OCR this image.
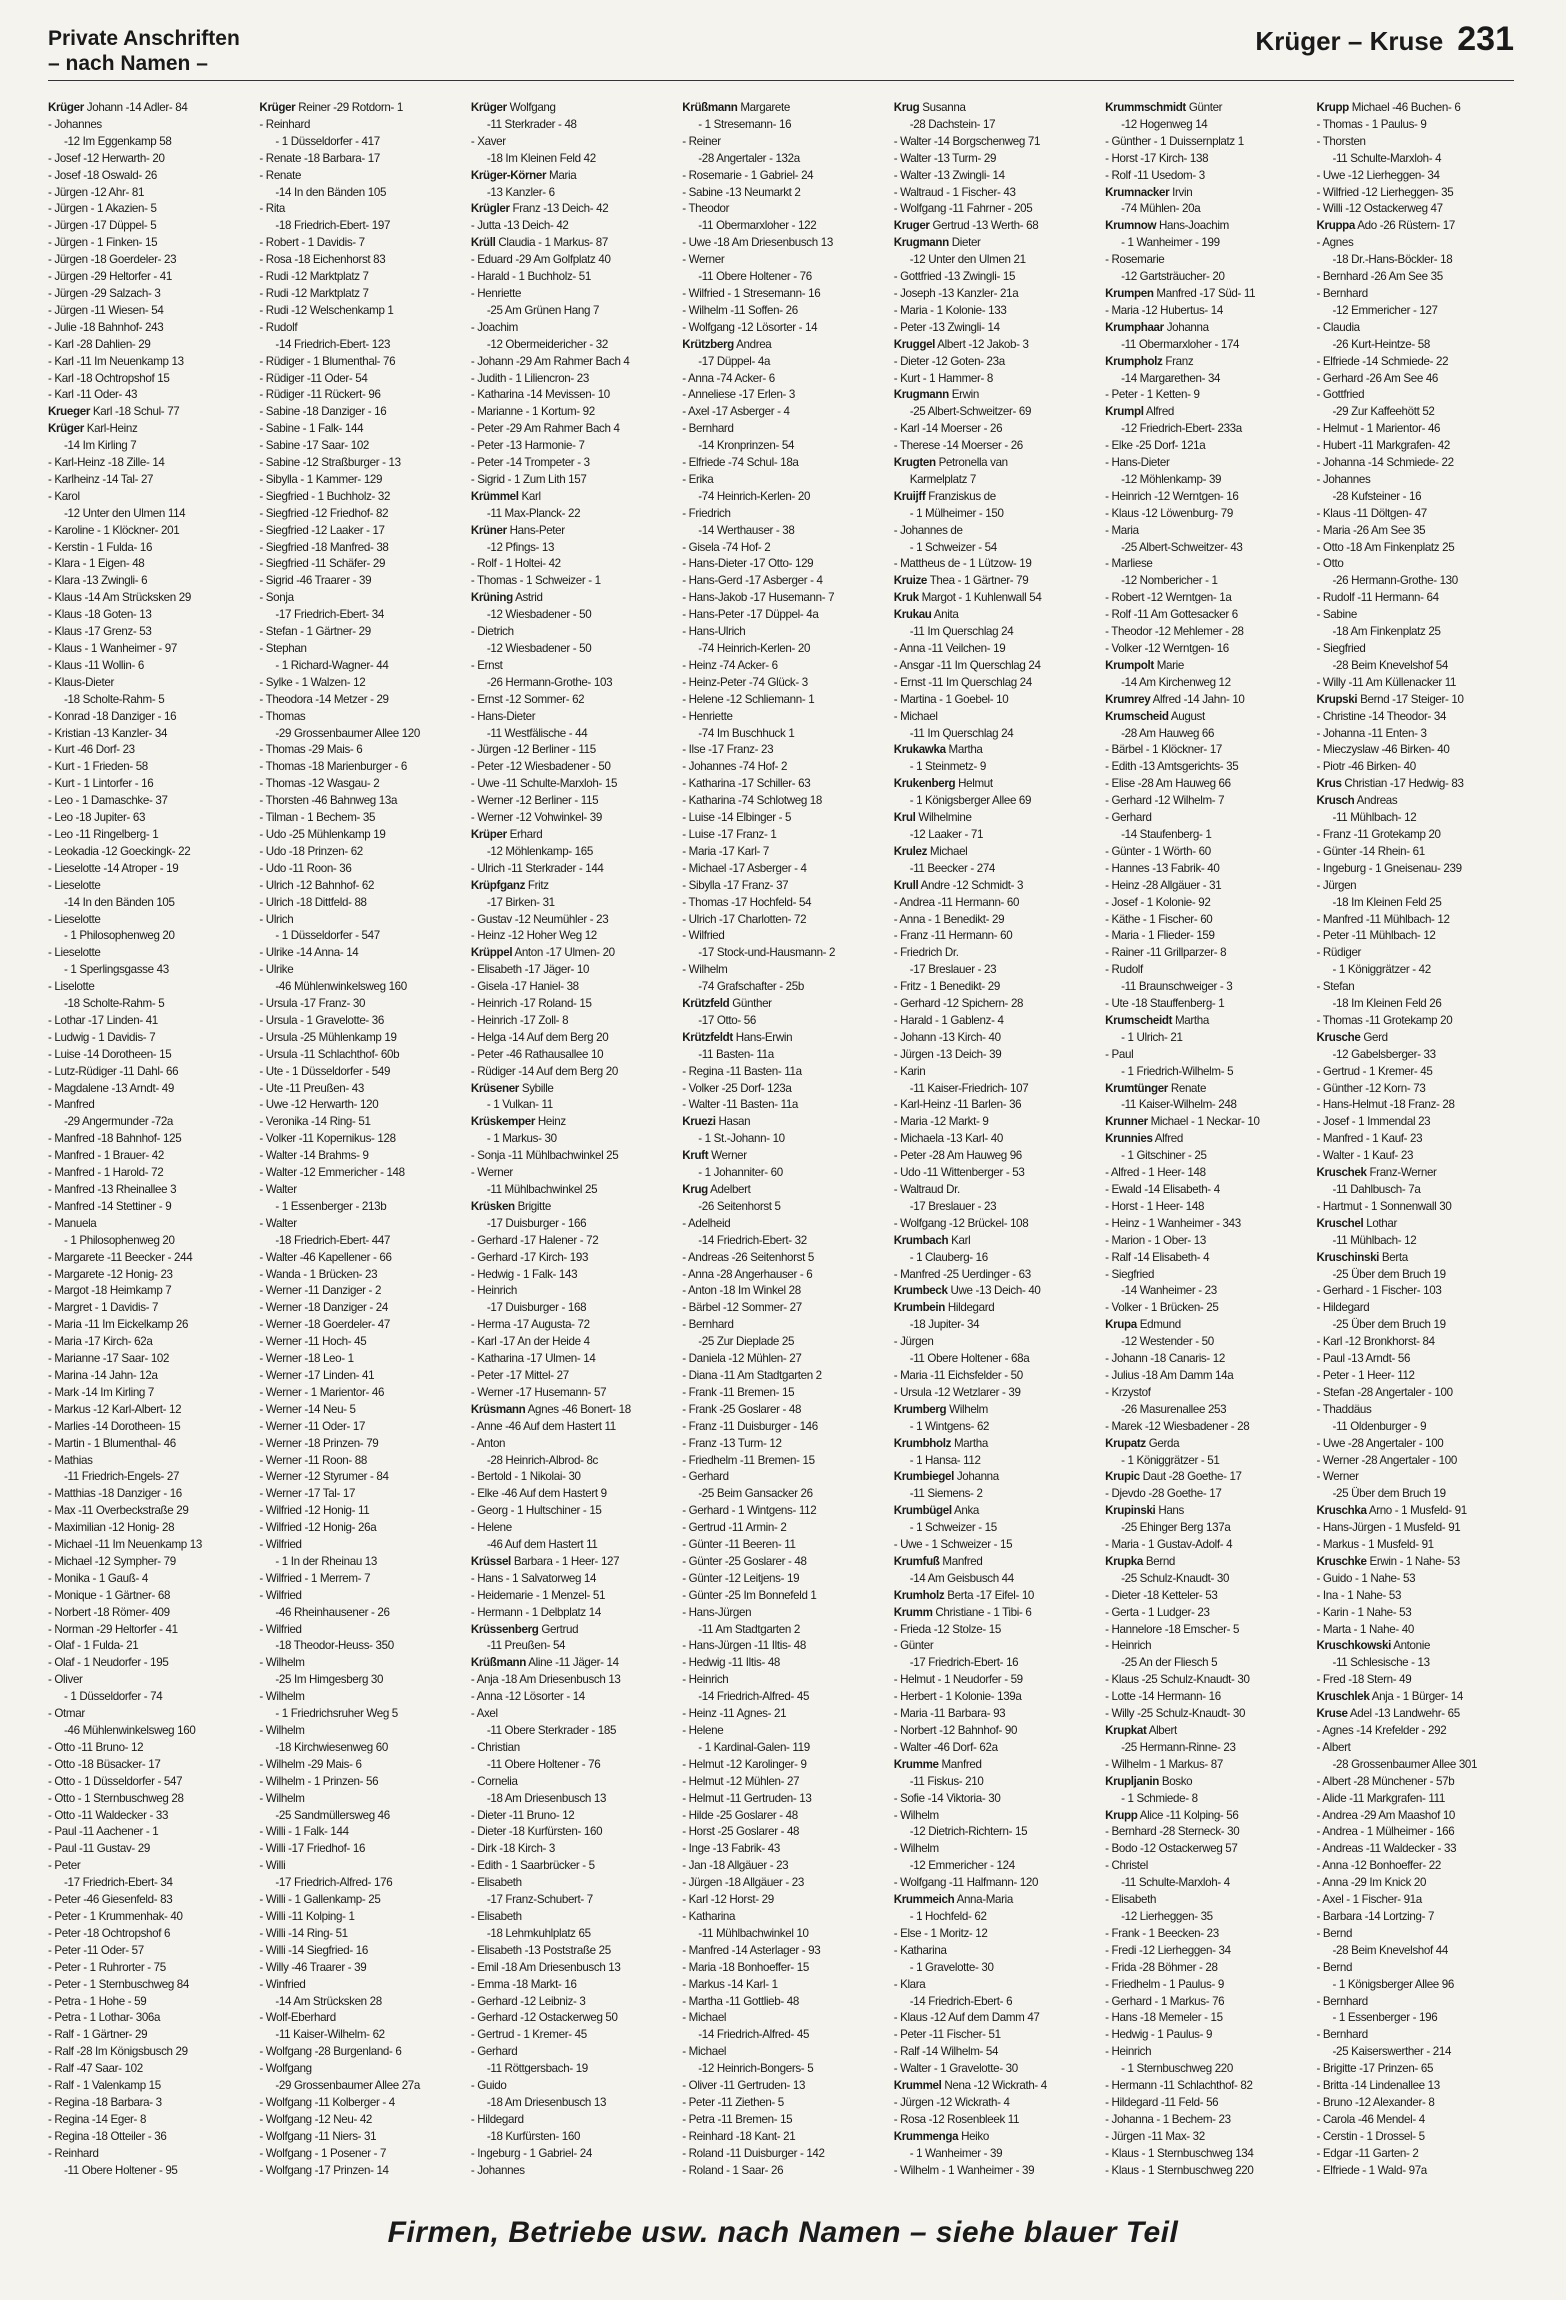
Private Anschriften
– nach Namen –
Krüger – Kruse 231
Krüger Johann -14 Adler- 84
- Johannes
-12 Im Eggenkamp 58
- Josef -12 Herwarth- 20
- Josef -18 Oswald- 26
- Jürgen -12 Ahr- 81
- Jürgen - 1 Akazien- 5
- Jürgen -17 Düppel- 5
- Jürgen - 1 Finken- 15
- Jürgen -18 Goerdeler- 23
- Jürgen -29 Heltorfer - 41
- Jürgen -29 Salzach- 3
- Jürgen -11 Wiesen- 54
- Julie -18 Bahnhof- 243
- Karl -28 Dahlien- 29
- Karl -11 Im Neuenkamp 13
- Karl -18 Ochtropshof 15
- Karl -11 Oder- 43
Krueger Karl -18 Schul- 77
Krüger Karl-Heinz
-14 Im Kirling 7
- Karl-Heinz -18 Zille- 14
- Karlheinz -14 Tal- 27
- Karol
-12 Unter den Ulmen 114
- Karoline - 1 Klöckner- 201
- Kerstin - 1 Fulda- 16
- Klara - 1 Eigen- 48
- Klara -13 Zwingli- 6
- Klaus -14 Am Strücksken 29
- Klaus -18 Goten- 13
- Klaus -17 Grenz- 53
- Klaus - 1 Wanheimer - 97
- Klaus -11 Wollin- 6
- Klaus-Dieter
-18 Scholte-Rahm- 5
- Konrad -18 Danziger - 16
- Kristian -13 Kanzler- 34
- Kurt -46 Dorf- 23
- Kurt - 1 Frieden- 58
- Kurt - 1 Lintorfer - 16
- Leo - 1 Damaschke- 37
- Leo -18 Jupiter- 63
- Leo -11 Ringelberg- 1
- Leokadia -12 Goeckingk- 22
- Lieselotte -14 Atroper - 19
- Lieselotte
-14 In den Bänden 105
- Lieselotte
- 1 Philosophenweg 20
- Lieselotte
- 1 Sperlingsgasse 43
- Liselotte
-18 Scholte-Rahm- 5
- Lothar -17 Linden- 41
- Ludwig - 1 Davidis- 7
- Luise -14 Dorotheen- 15
- Lutz-Rüdiger -11 Dahl- 66
- Magdalene -13 Arndt- 49
- Manfred
-29 Angermunder -72a
- Manfred -18 Bahnhof- 125
- Manfred - 1 Brauer- 42
- Manfred - 1 Harold- 72
- Manfred -13 Rheinallee 3
- Manfred -14 Stettiner - 9
- Manuela
- 1 Philosophenweg 20
- Margarete -11 Beecker - 244
- Margarete -12 Honig- 23
- Margot -18 Heimkamp 7
- Margret - 1 Davidis- 7
- Maria -11 Im Eickelkamp 26
- Maria -17 Kirch- 62a
- Marianne -17 Saar- 102
- Marina -14 Jahn- 12a
- Mark -14 Im Kirling 7
- Markus -12 Karl-Albert- 12
- Marlies -14 Dorotheen- 15
- Martin - 1 Blumenthal- 46
- Mathias
-11 Friedrich-Engels- 27
- Matthias -18 Danziger - 16
- Max -11 Overbeckstraße 29
- Maximilian -12 Honig- 28
- Michael -11 Im Neuenkamp 13
- Michael -12 Sympher- 79
- Monika - 1 Gauß- 4
- Monique - 1 Gärtner- 68
- Norbert -18 Römer- 409
- Norman -29 Heltorfer - 41
- Olaf - 1 Fulda- 21
- Olaf - 1 Neudorfer - 195
- Oliver
- 1 Düsseldorfer - 74
- Otmar
-46 Mühlenwinkelsweg 160
- Otto -11 Bruno- 12
- Otto -18 Büsacker- 17
- Otto - 1 Düsseldorfer - 547
- Otto - 1 Sternbuschweg 28
- Otto -11 Waldecker - 33
- Paul -11 Aachener - 1
- Paul -11 Gustav- 29
- Peter
-17 Friedrich-Ebert- 34
- Peter -46 Giesenfeld- 83
- Peter - 1 Krummenhak- 40
- Peter -18 Ochtropshof 6
- Peter -11 Oder- 57
- Peter - 1 Ruhrorter - 75
- Peter - 1 Sternbuschweg 84
- Petra - 1 Hohe - 59
- Petra - 1 Lothar- 306a
- Ralf - 1 Gärtner- 29
- Ralf -28 Im Königsbusch 29
- Ralf -47 Saar- 102
- Ralf - 1 Valenkamp 15
- Regina -18 Barbara- 3
- Regina -14 Eger- 8
- Regina -18 Otteiler - 36
- Reinhard
-11 Obere Holtener - 95
Krüger Reiner -29 Rotdorn- 1
- Reinhard
- 1 Düsseldorfer - 417
- Renate -18 Barbara- 17
- Renate
-14 In den Bänden 105
- Rita
-18 Friedrich-Ebert- 197
- Robert - 1 Davidis- 7
- Rosa -18 Eichenhorst 83
- Rudi -12 Marktplatz 7
- Rudi -12 Marktplatz 7
- Rudi -12 Welschenkamp 1
- Rudolf
-14 Friedrich-Ebert- 123
- Rüdiger - 1 Blumenthal- 76
- Rüdiger -11 Oder- 54
- Rüdiger -11 Rückert- 96
- Sabine -18 Danziger - 16
- Sabine - 1 Falk- 144
- Sabine -17 Saar- 102
- Sabine -12 Straßburger - 13
- Sibylla - 1 Kammer- 129
- Siegfried - 1 Buchholz- 32
- Siegfried -12 Friedhof- 82
- Siegfried -12 Laaker - 17
- Siegfried -18 Manfred- 38
- Siegfried -11 Schäfer- 29
- Sigrid -46 Traarer - 39
- Sonja
-17 Friedrich-Ebert- 34
- Stefan - 1 Gärtner- 29
- Stephan
- 1 Richard-Wagner- 44
- Sylke - 1 Walzen- 12
- Theodora -14 Metzer - 29
- Thomas
-29 Grossenbaumer Allee 120
- Thomas -29 Mais- 6
- Thomas -18 Marienburger - 6
- Thomas -12 Wasgau- 2
- Thorsten -46 Bahnweg 13a
- Tilman - 1 Bechem- 35
- Udo -25 Mühlenkamp 19
- Udo -18 Prinzen- 62
- Udo -11 Roon- 36
- Ulrich -12 Bahnhof- 62
- Ulrich -18 Dittfeld- 88
- Ulrich
- 1 Düsseldorfer - 547
- Ulrike -14 Anna- 14
- Ulrike
-46 Mühlenwinkelsweg 160
- Ursula -17 Franz- 30
- Ursula - 1 Gravelotte- 36
- Ursula -25 Mühlenkamp 19
- Ursula -11 Schlachthof- 60b
- Ute - 1 Düsseldorfer - 549
- Ute -11 Preußen- 43
- Uwe -12 Herwarth- 120
- Veronika -14 Ring- 51
- Volker -11 Kopernikus- 128
- Walter -14 Brahms- 9
- Walter -12 Emmericher - 148
- Walter
- 1 Essenberger - 213b
- Walter
-18 Friedrich-Ebert- 447
- Walter -46 Kapellener - 66
- Wanda - 1 Brücken- 23
- Werner -11 Danziger - 2
- Werner -18 Danziger - 24
- Werner -18 Goerdeler- 47
- Werner -11 Hoch- 45
- Werner -18 Leo- 1
- Werner -17 Linden- 41
- Werner - 1 Marientor- 46
- Werner -14 Neu- 5
- Werner -11 Oder- 17
- Werner -18 Prinzen- 79
- Werner -11 Roon- 88
- Werner -12 Styrumer - 84
- Werner -17 Tal- 17
- Wilfried -12 Honig- 11
- Wilfried -12 Honig- 26a
- Wilfried
- 1 In der Rheinau 13
- Wilfried - 1 Merrem- 7
- Wilfried
-46 Rheinhausener - 26
- Wilfried
-18 Theodor-Heuss- 350
- Wilhelm
-25 Im Himgesberg 30
- Wilhelm
- 1 Friedrichsruher Weg 5
- Wilhelm
-18 Kirchwiesenweg 60
- Wilhelm -29 Mais- 6
- Wilhelm - 1 Prinzen- 56
- Wilhelm
-25 Sandmüllersweg 46
- Willi - 1 Falk- 144
- Willi -17 Friedhof- 16
- Willi
-17 Friedrich-Alfred- 176
- Willi - 1 Gallenkamp- 25
- Willi -11 Kolping- 1
- Willi -14 Ring- 51
- Willi -14 Siegfried- 16
- Willy -46 Traarer - 39
- Winfried
-14 Am Strücksken 28
- Wolf-Eberhard
-11 Kaiser-Wilhelm- 62
- Wolfgang -28 Burgenland- 6
- Wolfgang
-29 Grossenbaumer Allee 27a
- Wolfgang -11 Kolberger - 4
- Wolfgang -12 Neu- 42
- Wolfgang -11 Niers- 31
- Wolfgang - 1 Posener - 7
- Wolfgang -17 Prinzen- 14
Krüger Wolfgang
-11 Sterkrader - 48
- Xaver
-18 Im Kleinen Feld 42
Krüger-Körner Maria
-13 Kanzler- 6
Krügler Franz -13 Deich- 42
- Jutta -13 Deich- 42
Krüll Claudia - 1 Markus- 87
- Eduard -29 Am Golfplatz 40
- Harald - 1 Buchholz- 51
- Henriette
-25 Am Grünen Hang 7
- Joachim
-12 Obermeidericher - 32
- Johann -29 Am Rahmer Bach 4
- Judith - 1 Liliencron- 23
- Katharina -14 Mevissen- 10
- Marianne - 1 Kortum- 92
- Peter -29 Am Rahmer Bach 4
- Peter -13 Harmonie- 7
- Peter -14 Trompeter - 3
- Sigrid - 1 Zum Lith 157
Krümmel Karl
-11 Max-Planck- 22
Krüner Hans-Peter
-12 Pfings- 13
- Rolf - 1 Holtei- 42
- Thomas - 1 Schweizer - 1
Krüning Astrid
-12 Wiesbadener - 50
- Dietrich
-12 Wiesbadener - 50
- Ernst
-26 Hermann-Grothe- 103
- Ernst -12 Sommer- 62
- Hans-Dieter
-11 Westfälische - 44
- Jürgen -12 Berliner - 115
- Peter -12 Wiesbadener - 50
- Uwe -11 Schulte-Marxloh- 15
- Werner -12 Berliner - 115
- Werner -12 Vohwinkel- 39
Krüper Erhard
-12 Möhlenkamp- 165
- Ulrich -11 Sterkrader - 144
Krüpfganz Fritz
-17 Birken- 31
- Gustav -12 Neumühler - 23
- Heinz -12 Hoher Weg 12
Krüppel Anton -17 Ulmen- 20
- Elisabeth -17 Jäger- 10
- Gisela -17 Haniel- 38
- Heinrich -17 Roland- 15
- Heinrich -17 Zoll- 8
- Helga -14 Auf dem Berg 20
- Peter -46 Rathausallee 10
- Rüdiger -14 Auf dem Berg 20
Krüsener Sybille
- 1 Vulkan- 11
Krüskemper Heinz
- 1 Markus- 30
- Sonja -11 Mühlbachwinkel 25
- Werner
-11 Mühlbachwinkel 25
Krüsken Brigitte
-17 Duisburger - 166
- Gerhard -17 Halener - 72
- Gerhard -17 Kirch- 193
- Hedwig - 1 Falk- 143
- Heinrich
-17 Duisburger - 168
- Herma -17 Augusta- 72
- Karl -17 An der Heide 4
- Katharina -17 Ulmen- 14
- Peter -17 Mittel- 27
- Werner -17 Husemann- 57
Krüsmann Agnes -46 Bonert- 18
- Anne -46 Auf dem Hastert 11
- Anton
-28 Heinrich-Albrod- 8c
- Bertold - 1 Nikolai- 30
- Elke -46 Auf dem Hastert 9
- Georg - 1 Hultschiner - 15
- Helene
-46 Auf dem Hastert 11
Krüssel Barbara - 1 Heer- 127
- Hans - 1 Salvatorweg 14
- Heidemarie - 1 Menzel- 51
- Hermann - 1 Delbplatz 14
Krüssenberg Gertrud
-11 Preußen- 54
Krüßmann Aline -11 Jäger- 14
- Anja -18 Am Driesenbusch 13
- Anna -12 Lösorter - 14
- Axel
-11 Obere Sterkrader - 185
- Christian
-11 Obere Holtener - 76
- Cornelia
-18 Am Driesenbusch 13
- Dieter -11 Bruno- 12
- Dieter -18 Kurfürsten- 160
- Dirk -18 Kirch- 3
- Edith - 1 Saarbrücker - 5
- Elisabeth
-17 Franz-Schubert- 7
- Elisabeth
-18 Lehmkuhlplatz 65
- Elisabeth -13 Poststraße 25
- Emil -18 Am Driesenbusch 13
- Emma -18 Markt- 16
- Gerhard -12 Leibniz- 3
- Gerhard -12 Ostackerweg 50
- Gertrud - 1 Kremer- 45
- Gerhard
-11 Röttgersbach- 19
- Guido
-18 Am Driesenbusch 13
- Hildegard
-18 Kurfürsten- 160
- Ingeburg - 1 Gabriel- 24
- Johannes
Krüßmann Margarete
- 1 Stresemann- 16
- Reiner
-28 Angertaler - 132a
- Rosemarie - 1 Gabriel- 24
- Sabine -13 Neumarkt 2
- Theodor
-11 Obermarxloher - 122
- Uwe -18 Am Driesenbusch 13
- Werner
-11 Obere Holtener - 76
- Wilfried - 1 Stresemann- 16
- Wilhelm -11 Soffen- 26
- Wolfgang -12 Lösorter - 14
Krützberg Andrea
-17 Düppel- 4a
- Anna -74 Acker- 6
- Anneliese -17 Erlen- 3
- Axel -17 Asberger - 4
- Bernhard
-14 Kronprinzen- 54
- Elfriede -74 Schul- 18a
- Erika
-74 Heinrich-Kerlen- 20
- Friedrich
-14 Werthauser - 38
- Gisela -74 Hof- 2
- Hans-Dieter -17 Otto- 129
- Hans-Gerd -17 Asberger - 4
- Hans-Jakob -17 Husemann- 7
- Hans-Peter -17 Düppel- 4a
- Hans-Ulrich
-74 Heinrich-Kerlen- 20
- Heinz -74 Acker- 6
- Heinz-Peter -74 Glück- 3
- Helene -12 Schliemann- 1
- Henriette
-74 Im Buschhuck 1
- Ilse -17 Franz- 23
- Johannes -74 Hof- 2
- Katharina -17 Schiller- 63
- Katharina -74 Schlotweg 18
- Luise -14 Elbinger - 5
- Luise -17 Franz- 1
- Maria -17 Karl- 7
- Michael -17 Asberger - 4
- Sibylla -17 Franz- 37
- Thomas -17 Hochfeld- 54
- Ulrich -17 Charlotten- 72
- Wilfried
-17 Stock-und-Hausmann- 2
- Wilhelm
-74 Grafschafter - 25b
Krützfeld Günther
-17 Otto- 56
Krützfeldt Hans-Erwin
-11 Basten- 11a
- Regina -11 Basten- 11a
- Volker -25 Dorf- 123a
- Walter -11 Basten- 11a
Kruezi Hasan
- 1 St.-Johann- 10
Kruft Werner
- 1 Johanniter- 60
Krug Adelbert
-26 Seitenhorst 5
- Adelheid
-14 Friedrich-Ebert- 32
- Andreas -26 Seitenhorst 5
- Anna -28 Angerhauser - 6
- Anton -18 Im Winkel 28
- Bärbel -12 Sommer- 27
- Bernhard
-25 Zur Dieplade 25
- Daniela -12 Mühlen- 27
- Diana -11 Am Stadtgarten 2
- Frank -11 Bremen- 15
- Frank -25 Goslarer - 48
- Franz -11 Duisburger - 146
- Franz -13 Turm- 12
- Friedhelm -11 Bremen- 15
- Gerhard
-25 Beim Gansacker 26
- Gerhard - 1 Wintgens- 112
- Gertrud -11 Armin- 2
- Günter -11 Beeren- 11
- Günter -25 Goslarer - 48
- Günter -12 Leitjens- 19
- Günter -25 Im Bonnefeld 1
- Hans-Jürgen
-11 Am Stadtgarten 2
- Hans-Jürgen -11 Iltis- 48
- Hedwig -11 Iltis- 48
- Heinrich
-14 Friedrich-Alfred- 45
- Heinz -11 Agnes- 21
- Helene
- 1 Kardinal-Galen- 119
- Helmut -12 Karolinger- 9
- Helmut -12 Mühlen- 27
- Helmut -11 Gertruden- 13
- Hilde -25 Goslarer - 48
- Horst -25 Goslarer - 48
- Inge -13 Fabrik- 43
- Jan -18 Allgäuer - 23
- Jürgen -18 Allgäuer - 23
- Karl -12 Horst- 29
- Katharina
-11 Mühlbachwinkel 10
- Manfred -14 Asterlager - 93
- Maria -18 Bonhoeffer- 15
- Markus -14 Karl- 1
- Martha -11 Gottlieb- 48
- Michael
-14 Friedrich-Alfred- 45
- Michael
-12 Heinrich-Bongers- 5
- Oliver -11 Gertruden- 13
- Peter -11 Ziethen- 5
- Petra -11 Bremen- 15
- Reinhard -18 Kant- 21
- Roland -11 Duisburger - 142
- Roland - 1 Saar- 26
Krug Susanna
-28 Dachstein- 17
- Walter -14 Borgschenweg 71
- Walter -13 Turm- 29
- Walter -13 Zwingli- 14
- Waltraud - 1 Fischer- 43
- Wolfgang -11 Fahrner - 205
Kruger Gertrud -13 Werth- 68
Krugmann Dieter
-12 Unter den Ulmen 21
- Gottfried -13 Zwingli- 15
- Joseph -13 Kanzler- 21a
- Maria - 1 Kolonie- 133
- Peter -13 Zwingli- 14
Kruggel Albert -12 Jakob- 3
- Dieter -12 Goten- 23a
- Kurt - 1 Hammer- 8
Krugmann Erwin
-25 Albert-Schweitzer- 69
- Karl -14 Moerser - 26
- Therese -14 Moerser - 26
Krugten Petronella van
Karmelplatz 7
Kruijff Franziskus de
- 1 Mülheimer - 150
- Johannes de
- 1 Schweizer - 54
- Mattheus de - 1 Lützow- 19
Kruize Thea - 1 Gärtner- 79
Kruk Margot - 1 Kuhlenwall 54
Krukau Anita
-11 Im Querschlag 24
- Anna -11 Veilchen- 19
- Ansgar -11 Im Querschlag 24
- Ernst -11 Im Querschlag 24
- Martina - 1 Goebel- 10
- Michael
-11 Im Querschlag 24
Krukawka Martha
- 1 Steinmetz- 9
Krukenberg Helmut
- 1 Königsberger Allee 69
Krul Wilhelmine
-12 Laaker - 71
Krulez Michael
-11 Beecker - 274
Krull Andre -12 Schmidt- 3
- Andrea -11 Hermann- 60
- Anna - 1 Benedikt- 29
- Franz -11 Hermann- 60
- Friedrich Dr.
-17 Breslauer - 23
- Fritz - 1 Benedikt- 29
- Gerhard -12 Spichern- 28
- Harald - 1 Gablenz- 4
- Johann -13 Kirch- 40
- Jürgen -13 Deich- 39
- Karin
-11 Kaiser-Friedrich- 107
- Karl-Heinz -11 Barlen- 36
- Maria -12 Markt- 9
- Michaela -13 Karl- 40
- Peter -28 Am Hauweg 96
- Udo -11 Wittenberger - 53
- Waltraud Dr.
-17 Breslauer - 23
- Wolfgang -12 Brückel- 108
Krumbach Karl
- 1 Clauberg- 16
- Manfred -25 Uerdinger - 63
Krumbeck Uwe -13 Deich- 40
Krumbein Hildegard
-18 Jupiter- 34
- Jürgen
-11 Obere Holtener - 68a
- Maria -11 Eichsfelder - 50
- Ursula -12 Wetzlarer - 39
Krumberg Wilhelm
- 1 Wintgens- 62
Krumbholz Martha
- 1 Hansa- 112
Krumbiegel Johanna
-11 Siemens- 2
Krumbügel Anka
- 1 Schweizer - 15
- Uwe - 1 Schweizer - 15
Krumfuß Manfred
-14 Am Geisbusch 44
Krumholz Berta -17 Eifel- 10
Krumm Christiane - 1 Tibi- 6
- Frieda -12 Stolze- 15
- Günter
-17 Friedrich-Ebert- 16
- Helmut - 1 Neudorfer - 59
- Herbert - 1 Kolonie- 139a
- Maria -11 Barbara- 93
- Norbert -12 Bahnhof- 90
- Walter -46 Dorf- 62a
Krumme Manfred
-11 Fiskus- 210
- Sofie -14 Viktoria- 30
- Wilhelm
-12 Dietrich-Richtern- 15
- Wilhelm
-12 Emmericher - 124
- Wolfgang -11 Halfmann- 120
Krummeich Anna-Maria
- 1 Hochfeld- 62
- Else - 1 Moritz- 12
- Katharina
- 1 Gravelotte- 30
- Klara
-14 Friedrich-Ebert- 6
- Klaus -12 Auf dem Damm 47
- Peter -11 Fischer- 51
- Ralf -14 Wilhelm- 54
- Walter - 1 Gravelotte- 30
Krummel Nena -12 Wickrath- 4
- Jürgen -12 Wickrath- 4
- Rosa -12 Rosenbleek 11
Krummenga Heiko
- 1 Wanheimer - 39
- Wilhelm - 1 Wanheimer - 39
Krummschmidt Günter
-12 Hogenweg 14
- Günther - 1 Duissernplatz 1
- Horst -17 Kirch- 138
- Rolf -11 Usedom- 3
Krumnacker Irvin
-74 Mühlen- 20a
Krumnow Hans-Joachim
- 1 Wanheimer - 199
- Rosemarie
-12 Gartsträucher- 20
Krumpen Manfred -17 Süd- 11
- Maria -12 Hubertus- 14
Krumphaar Johanna
-11 Obermarxloher - 174
Krumpholz Franz
-14 Margarethen- 34
- Peter - 1 Ketten- 9
Krumpl Alfred
-12 Friedrich-Ebert- 233a
- Elke -25 Dorf- 121a
- Hans-Dieter
-12 Möhlenkamp- 39
- Heinrich -12 Werntgen- 16
- Klaus -12 Löwenburg- 79
- Maria
-25 Albert-Schweitzer- 43
- Marliese
-12 Nombericher - 1
- Robert -12 Werntgen- 1a
- Rolf -11 Am Gottesacker 6
- Theodor -12 Mehlemer - 28
- Volker -12 Werntgen- 16
Krumpolt Marie
-14 Am Kirchenweg 12
Krumrey Alfred -14 Jahn- 10
Krumscheid August
-28 Am Hauweg 66
- Bärbel - 1 Klöckner- 17
- Edith -13 Amtsgerichts- 35
- Elise -28 Am Hauweg 66
- Gerhard -12 Wilhelm- 7
- Gerhard
-14 Staufenberg- 1
- Günter - 1 Wörth- 60
- Hannes -13 Fabrik- 40
- Heinz -28 Allgäuer - 31
- Josef - 1 Kolonie- 92
- Käthe - 1 Fischer- 60
- Maria - 1 Flieder- 159
- Rainer -11 Grillparzer- 8
- Rudolf
-11 Braunschweiger - 3
- Ute -18 Stauffenberg- 1
Krumscheidt Martha
- 1 Ulrich- 21
- Paul
- 1 Friedrich-Wilhelm- 5
Krumtünger Renate
-11 Kaiser-Wilhelm- 248
Krunner Michael - 1 Neckar- 10
Krunnies Alfred
- 1 Gitschiner - 25
- Alfred - 1 Heer- 148
- Ewald -14 Elisabeth- 4
- Horst - 1 Heer- 148
- Heinz - 1 Wanheimer - 343
- Marion - 1 Ober- 13
- Ralf -14 Elisabeth- 4
- Siegfried
-14 Wanheimer - 23
- Volker - 1 Brücken- 25
Krupa Edmund
-12 Westender - 50
- Johann -18 Canaris- 12
- Julius -18 Am Damm 14a
- Krzystof
-26 Masurenallee 253
- Marek -12 Wiesbadener - 28
Krupatz Gerda
- 1 Königgrätzer - 51
Krupic Daut -28 Goethe- 17
- Djevdo -28 Goethe- 17
Krupinski Hans
-25 Ehinger Berg 137a
- Maria - 1 Gustav-Adolf- 4
Krupka Bernd
-25 Schulz-Knaudt- 30
- Dieter -18 Ketteler- 53
- Gerta - 1 Ludger- 23
- Hannelore -18 Emscher- 5
- Heinrich
-25 An der Fliesch 5
- Klaus -25 Schulz-Knaudt- 30
- Lotte -14 Hermann- 16
- Willy -25 Schulz-Knaudt- 30
Krupkat Albert
-25 Hermann-Rinne- 23
- Wilhelm - 1 Markus- 87
Krupljanin Bosko
- 1 Schmiede- 8
Krupp Alice -11 Kolping- 56
- Bernhard -28 Sterneck- 30
- Bodo -12 Ostackerweg 57
- Christel
-11 Schulte-Marxloh- 4
- Elisabeth
-12 Lierheggen- 35
- Frank - 1 Beecken- 23
- Fredi -12 Lierheggen- 34
- Frida -28 Böhmer - 28
- Friedhelm - 1 Paulus- 9
- Gerhard - 1 Markus- 76
- Hans -18 Memeler - 15
- Hedwig - 1 Paulus- 9
- Heinrich
- 1 Sternbuschweg 220
- Hermann -11 Schlachthof- 82
- Hildegard -11 Feld- 56
- Johanna - 1 Bechem- 23
- Jürgen -11 Max- 32
- Klaus - 1 Sternbuschweg 134
- Klaus - 1 Sternbuschweg 220
Krupp Michael -46 Buchen- 6
- Thomas - 1 Paulus- 9
- Thorsten
-11 Schulte-Marxloh- 4
- Uwe -12 Lierheggen- 34
- Wilfried -12 Lierheggen- 35
- Willi -12 Ostackerweg 47
Kruppa Ado -26 Rüstern- 17
- Agnes
-18 Dr.-Hans-Böckler- 18
- Bernhard -26 Am See 35
- Bernhard
-12 Emmericher - 127
- Claudia
-26 Kurt-Heintze- 58
- Elfriede -14 Schmiede- 22
- Gerhard -26 Am See 46
- Gottfried
-29 Zur Kaffeehött 52
- Helmut - 1 Marientor- 46
- Hubert -11 Markgrafen- 42
- Johanna -14 Schmiede- 22
- Johannes
-28 Kufsteiner - 16
- Klaus -11 Döltgen- 47
- Maria -26 Am See 35
- Otto -18 Am Finkenplatz 25
- Otto
-26 Hermann-Grothe- 130
- Rudolf -11 Hermann- 64
- Sabine
-18 Am Finkenplatz 25
- Siegfried
-28 Beim Knevelshof 54
- Willy -11 Am Küllenacker 11
Krupski Bernd -17 Steiger- 10
- Christine -14 Theodor- 34
- Johanna -11 Enten- 3
- Mieczyslaw -46 Birken- 40
- Piotr -46 Birken- 40
Krus Christian -17 Hedwig- 83
Krusch Andreas
-11 Mühlbach- 12
- Franz -11 Grotekamp 20
- Günter -14 Rhein- 61
- Ingeburg - 1 Gneisenau- 239
- Jürgen
-18 Im Kleinen Feld 25
- Manfred -11 Mühlbach- 12
- Peter -11 Mühlbach- 12
- Rüdiger
- 1 Königgrätzer - 42
- Stefan
-18 Im Kleinen Feld 26
- Thomas -11 Grotekamp 20
Krusche Gerd
-12 Gabelsberger- 33
- Gertrud - 1 Kremer- 45
- Günther -12 Korn- 73
- Hans-Helmut -18 Franz- 28
- Josef - 1 Immendal 23
- Manfred - 1 Kauf- 23
- Walter - 1 Kauf- 23
Kruschek Franz-Werner
-11 Dahlbusch- 7a
- Hartmut - 1 Sonnenwall 30
Kruschel Lothar
-11 Mühlbach- 12
Kruschinski Berta
-25 Über dem Bruch 19
- Gerhard - 1 Fischer- 103
- Hildegard
-25 Über dem Bruch 19
- Karl -12 Bronkhorst- 84
- Paul -13 Arndt- 56
- Peter - 1 Heer- 112
- Stefan -28 Angertaler - 100
- Thaddäus
-11 Oldenburger - 9
- Uwe -28 Angertaler - 100
- Werner -28 Angertaler - 100
- Werner
-25 Über dem Bruch 19
Kruschka Arno - 1 Musfeld- 91
- Hans-Jürgen - 1 Musfeld- 91
- Markus - 1 Musfeld- 91
Kruschke Erwin - 1 Nahe- 53
- Guido - 1 Nahe- 53
- Ina - 1 Nahe- 53
- Karin - 1 Nahe- 53
- Marta - 1 Nahe- 40
Kruschkowski Antonie
-11 Schlesische - 13
- Fred -18 Stern- 49
Kruschlek Anja - 1 Bürger- 14
Kruse Adel -13 Landwehr- 65
- Agnes -14 Krefelder - 292
- Albert
-28 Grossenbaumer Allee 301
- Albert -28 Münchener - 57b
- Alide -11 Markgrafen- 111
- Andrea -29 Am Maashof 10
- Andrea - 1 Mülheimer - 166
- Andreas -11 Waldecker - 33
- Anna -12 Bonhoeffer- 22
- Anna -29 Im Knick 20
- Axel - 1 Fischer- 91a
- Barbara -14 Lortzing- 7
- Bernd
-28 Beim Knevelshof 44
- Bernd
- 1 Königsberger Allee 96
- Bernhard
- 1 Essenberger - 196
- Bernhard
-25 Kaiserswerther - 214
- Brigitte -17 Prinzen- 65
- Britta -14 Lindenallee 13
- Bruno -12 Alexander- 8
- Carola -46 Mendel- 4
- Cerstin - 1 Drossel- 5
- Edgar -11 Garten- 2
- Elfriede - 1 Wald- 97a
Firmen, Betriebe usw. nach Namen – siehe blauer Teil
